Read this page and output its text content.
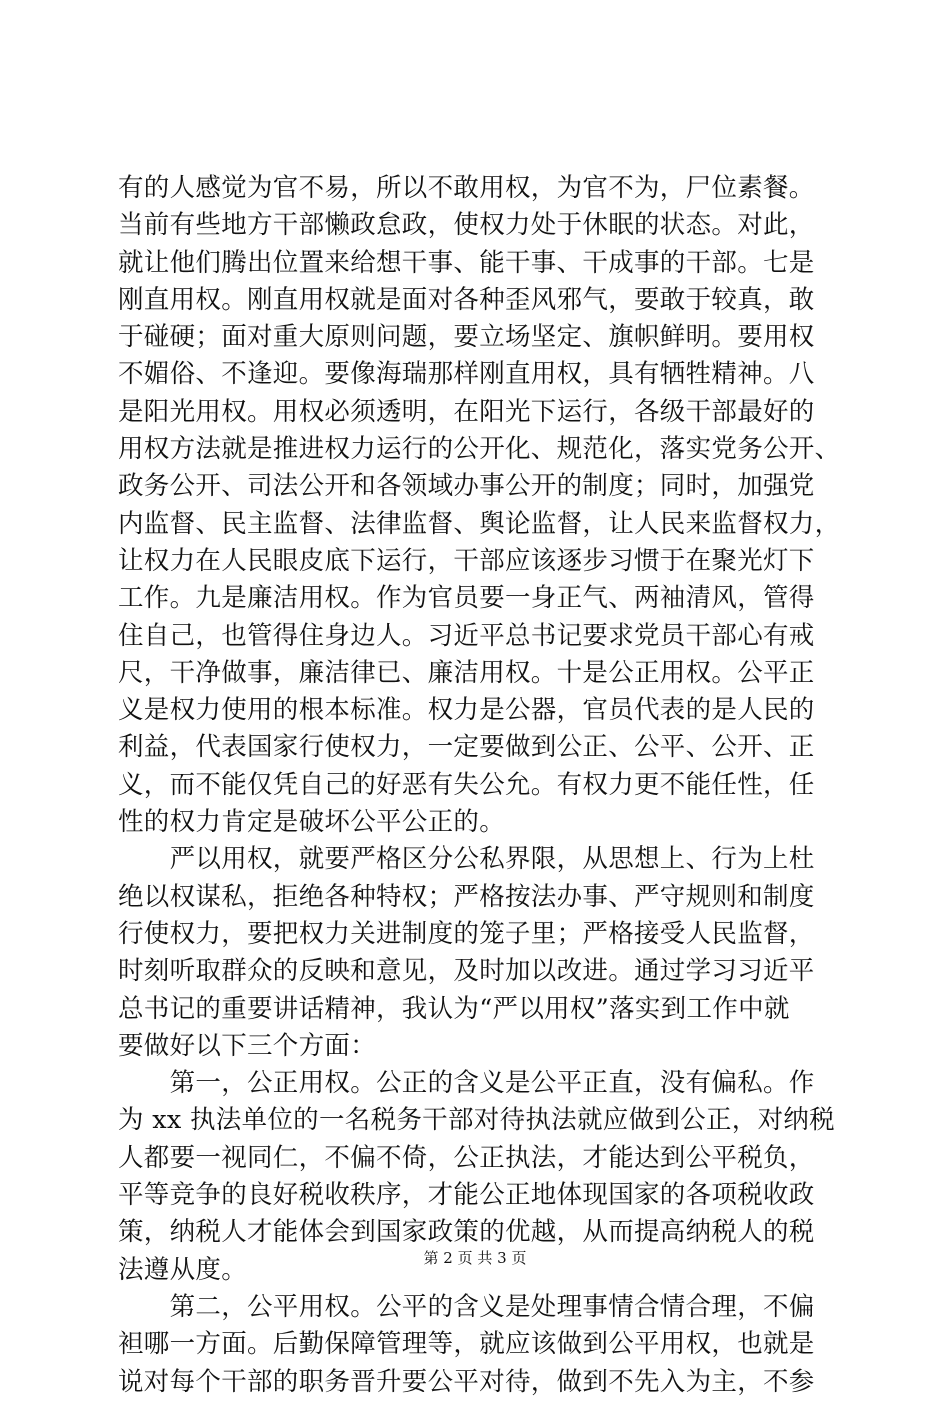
有的人感觉为官不易，所以不敢用权，为官不为，尸位素餐。
当前有些地方干部懒政怠政，使权力处于休眠的状态。对此，
就让他们腾出位置来给想干事、能干事、干成事的干部。七是
刚直用权。刚直用权就是面对各种歪风邪气，要敢于较真，敢
于碰硬；面对重大原则问题，要立场坚定、旗帜鲜明。要用权
不媚俗、不逢迎。要像海瑞那样刚直用权，具有牺牲精神。八
是阳光用权。用权必须透明，在阳光下运行，各级干部最好的
用权方法就是推进权力运行的公开化、规范化，落实党务公开、
政务公开、司法公开和各领域办事公开的制度；同时，加强党
内监督、民主监督、法律监督、舆论监督，让人民来监督权力，
让权力在人民眼皮底下运行，干部应该逐步习惯于在聚光灯下
工作。九是廉洁用权。作为官员要一身正气、两袖清风，管得
住自己，也管得住身边人。习近平总书记要求党员干部心有戒
尺，干净做事，廉洁律已、廉洁用权。十是公正用权。公平正
义是权力使用的根本标准。权力是公器，官员代表的是人民的
利益，代表国家行使权力，一定要做到公正、公平、公开、正
义，而不能仅凭自己的好恶有失公允。有权力更不能任性，任
性的权力肯定是破坏公平公正的。
　　严以用权，就要严格区分公私界限，从思想上、行为上杜
绝以权谋私，拒绝各种特权；严格按法办事、严守规则和制度
行使权力，要把权力关进制度的笼子里；严格接受人民监督，
时刻听取群众的反映和意见，及时加以改进。通过学习习近平
总书记的重要讲话精神，我认为“严以用权”落实到工作中就
要做好以下三个方面：
　　第一，公正用权。公正的含义是公平正直，没有偏私。作
为 xx 执法单位的一名税务干部对待执法就应做到公正，对纳税
人都要一视同仁，不偏不倚，公正执法，才能达到公平税负，
平等竞争的良好税收秩序，才能公正地体现国家的各项税收政
策，纳税人才能体会到国家政策的优越，从而提高纳税人的税
法遵从度。
　　第二，公平用权。公平的含义是处理事情合情合理，不偏
袒哪一方面。后勤保障管理等，就应该做到公平用权，也就是
说对每个干部的职务晋升要公平对待，做到不先入为主，不参
第 2 页 共 3 页
